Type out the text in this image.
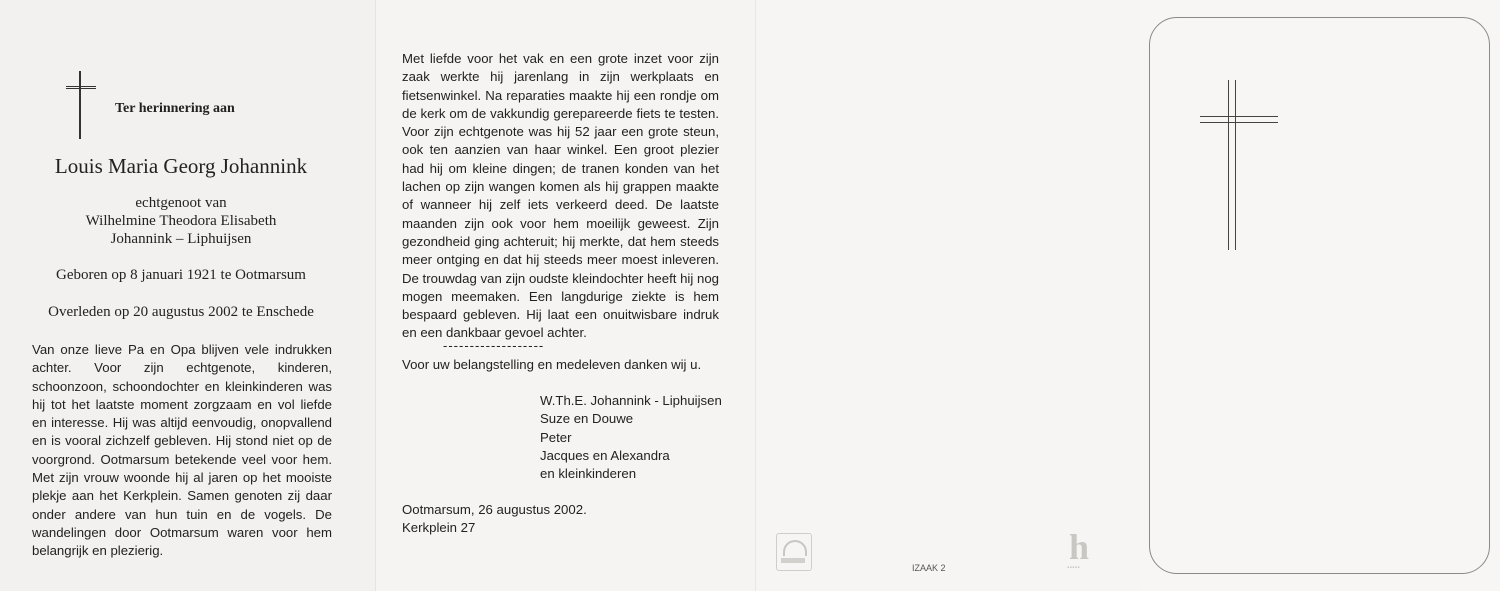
Ter herinnering aan
Louis Maria Georg Johannink
echtgenoot van
Wilhelmine Theodora Elisabeth
Johannink – Liphuijsen
Geboren op 8 januari 1921 te Ootmarsum
Overleden op 20 augustus 2002 te Enschede

Van onze lieve Pa en Opa blijven vele indrukken achter. Voor zijn echtgenote, kinderen, schoonzoon, schoondochter en kleinkinderen was hij tot het laatste moment zorgzaam en vol liefde en interesse. Hij was altijd eenvoudig, onopvallend en is vooral zichzelf gebleven. Hij stond niet op de voorgrond. Ootmarsum betekende veel voor hem. Met zijn vrouw woonde hij al jaren op het mooiste plekje aan het Kerkplein. Samen genoten zij daar onder andere van hun tuin en de vogels. De wandelingen door Ootmarsum waren voor hem belangrijk en plezierig.

Met liefde voor het vak en een grote inzet voor zijn zaak werkte hij jarenlang in zijn werkplaats en fietsenwinkel. Na reparaties maakte hij een rondje om de kerk om de vakkundig gerepareerde fiets te testen. Voor zijn echtgenote was hij 52 jaar een grote steun, ook ten aanzien van haar winkel. Een groot plezier had hij om kleine dingen; de tranen konden van het lachen op zijn wangen komen als hij grappen maakte of wanneer hij zelf iets verkeerd deed. De laatste maanden zijn ook voor hem moeilijk geweest. Zijn gezondheid ging achteruit; hij merkte, dat hem steeds meer ontging en dat hij steeds meer moest inleveren. De trouwdag van zijn oudste kleindochter heeft hij nog mogen meemaken. Een langdurige ziekte is hem bespaard gebleven. Hij laat een onuitwisbare indruk en een dankbaar gevoel achter.

-------------------
Voor uw belangstelling en medeleven danken wij u.
W.Th.E. Johannink - Liphuijsen
Suze en Douwe
Peter
Jacques en Alexandra
en kleinkinderen
Ootmarsum, 26 augustus 2002.
Kerkplein 27
IZAAK 2
h
▪▪▪▪▪
